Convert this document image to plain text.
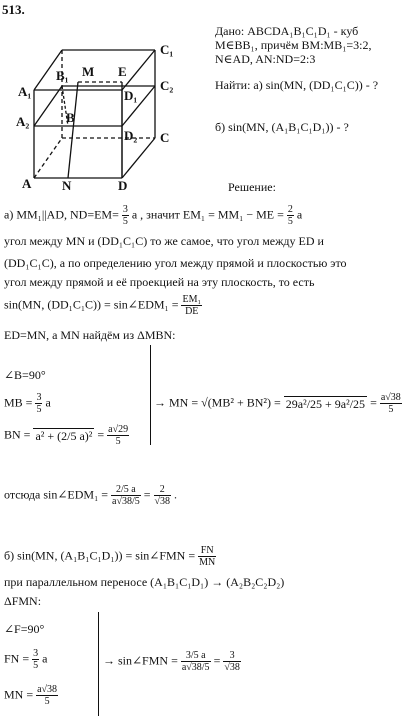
513.
A₁
B₁ M E
C₁
C₂
D₁
A₂	B
D₂ C
A N	D
Дано: ABCDA₁B₁C₁D₁ - куб
M∈BB₁, причём BM:MB₁=3:2,
N∈AD, AN:ND=2:3
Найти: а) sin(MN, (DD₁C₁C)) - ?
б) sin(MN, (A₁B₁C₁D₁)) - ?
Решение:
а) MM₁||AD, $ND=EM= \frac{3}{5}$ a , значит EM₁ = MM₁ − ME = $\frac{2}{5}$ a
угол между MN и (DD₁C₁C) то же самое, что угол между ED и
(DD₁C₁C), а по определению угол между прямой и плоскостью это
угол между прямой и её проекцией на эту плоскость, то есть
sin(MN, (DD₁C₁C)) = sin∠EDM₁ = $\frac{\text{EM₁}}{DE}$
ED=MN, а MN найдём из ΔMBN:
∠B=90°
MB = $\frac{3}{5}$ a
BN = a² + (2/5 $a)^2 = \frac{a√29}{5}$
→ MN = $√(MB^2 + BN^2) = 29a^2/25 + 9a^2/25 = \frac{a√38}{5}$
отсюда sin∠EDM₁ = $\frac{2/5 a}{a√38/5} = \frac{2}{√38}$ .
б) sin(MN, (A₁B₁C₁D₁)) = sin∠FMN = $\frac{FN}{MN}$
при параллельном переносе (A₁B₁C₁D₁) → (A₂B₂C₂D₂)
ΔFMN:
∠F=90°
FN = $\frac{3}{5}$ a
MN = $\frac{a√38}{5}$
→ sin∠FMN = $\frac{3/5 a}{a√38/5} = \frac{3}{√38}$
